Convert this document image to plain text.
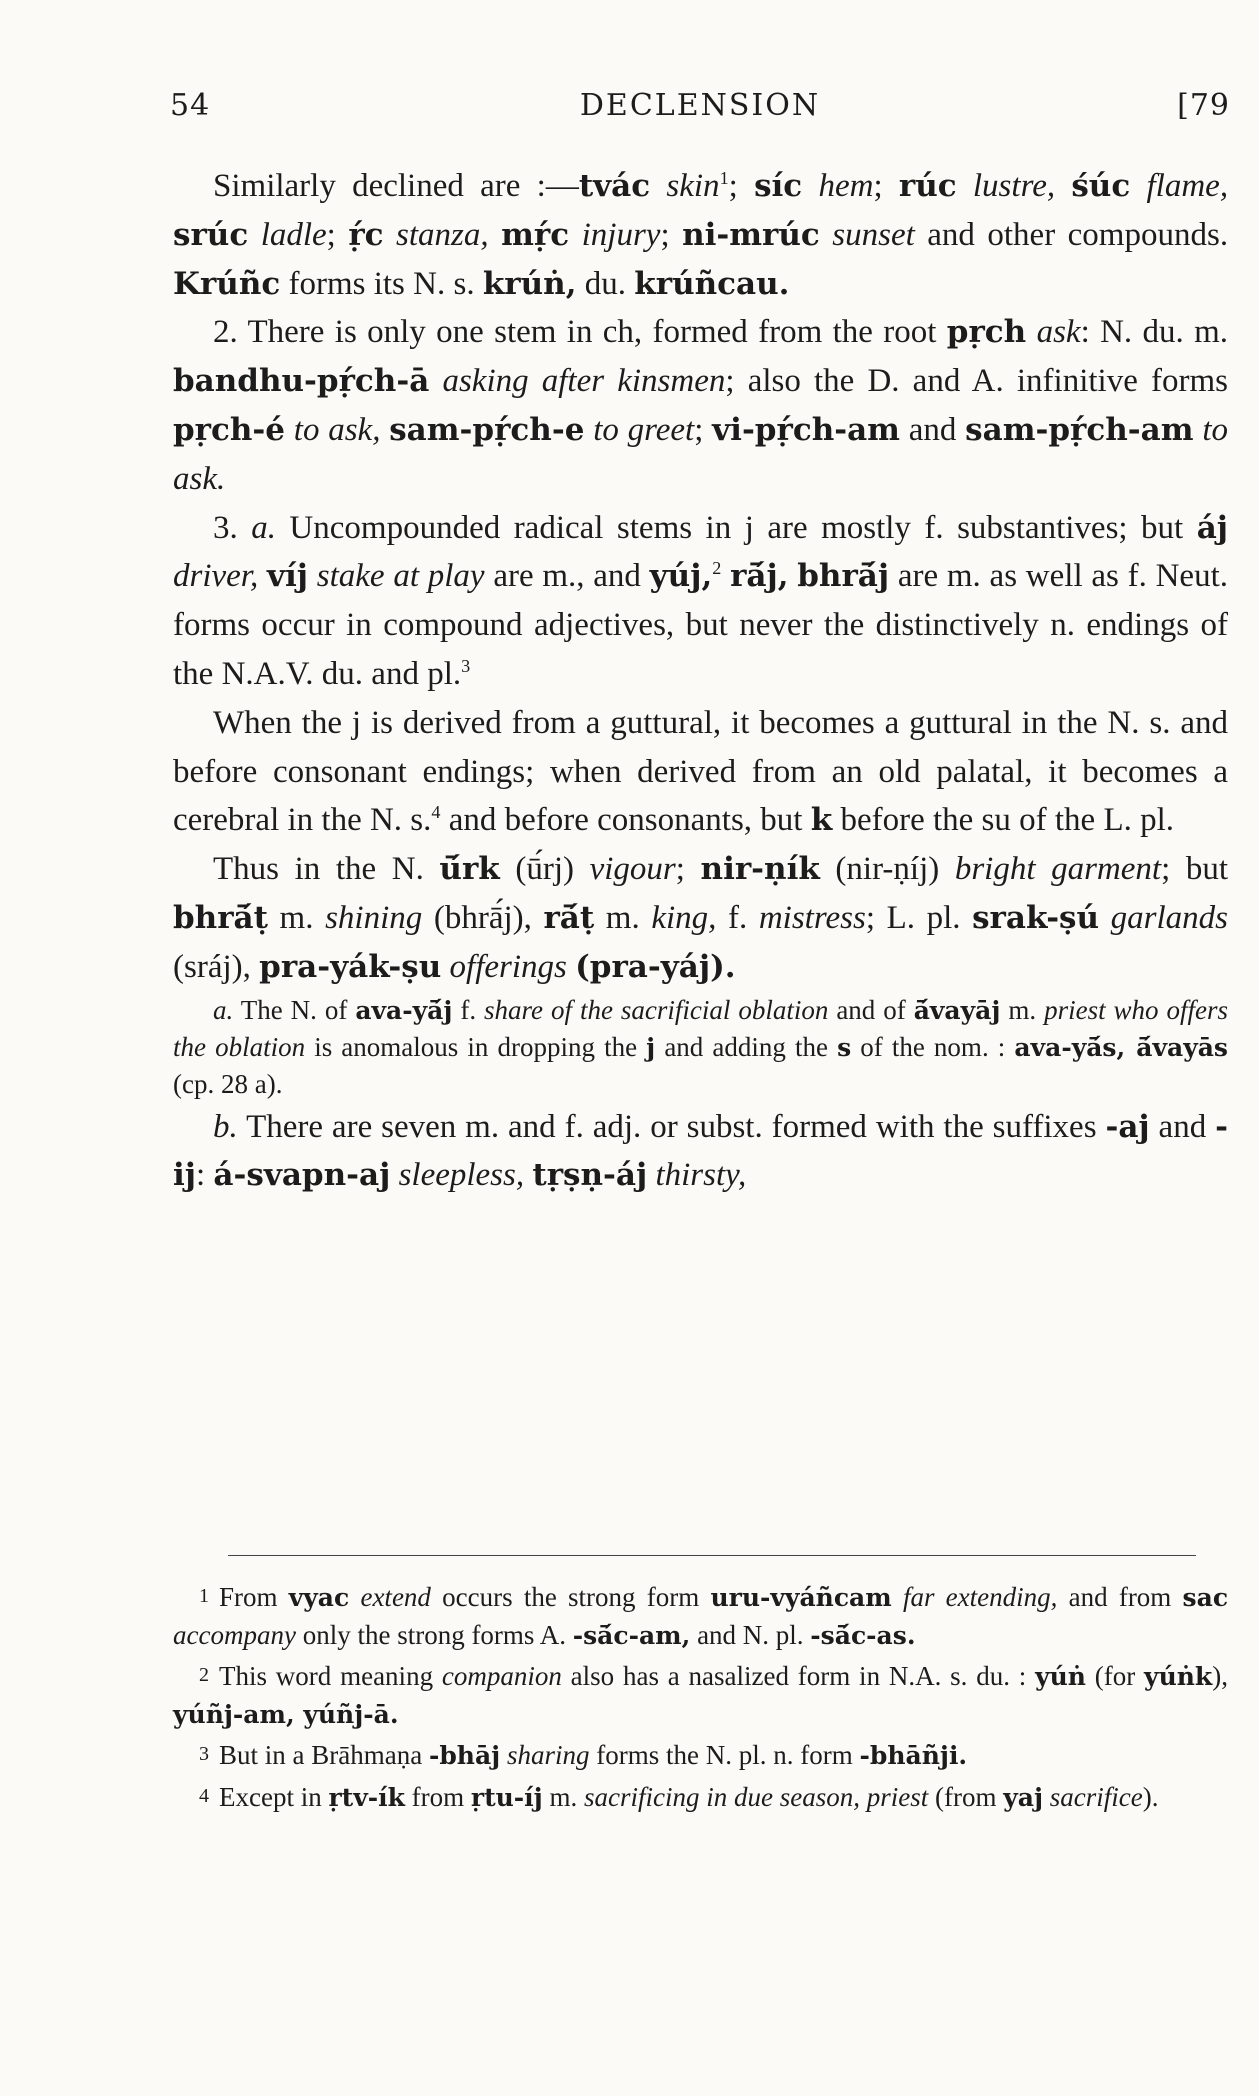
54	DECLENSION	[79

Similarly declined are :—tvác skin$^1$; síc hem; rúc lustre, śúc flame, srúc ladle; ṛ́c stanza, mṛ́c injury; ni-mrúc sunset and other compounds. Krúñc forms its N. s. krúṅ, du. krúñcau.

2. There is only one stem in ch, formed from the root pṛch ask: N. du. m. bandhu-pṛ́ch-ā asking after kinsmen; also the D. and A. infinitive forms pṛch-é to ask, sam-pṛ́ch-e to greet; vi-pṛ́ch-am and sam-pṛ́ch-am to ask.

3. a. Uncompounded radical stems in j are mostly f. substantives; but áj driver, víj stake at play are m., and yúj,$^2$ rā́j, bhrā́j are m. as well as f. Neut. forms occur in compound adjectives, but never the distinctively n. endings of the N.A.V. du. and pl.$^3$

When the j is derived from a guttural, it becomes a guttural in the N. s. and before consonant endings; when derived from an old palatal, it becomes a cerebral in the N. s.$^4$ and before consonants, but k before the su of the L. pl.

Thus in the N. ū́rk (ū́rj) vigour; nir-ṇík (nir-ṇíj) bright garment; but bhrā́ṭ m. shining (bhrā́j), rā́ṭ m. king, f. mistress; L. pl. srak-ṣú garlands (sráj), pra-yák-ṣu offerings (pra-yáj).

a. The N. of ava-yā́j f. share of the sacrificial oblation and of ā́vayāj m. priest who offers the oblation is anomalous in dropping the j and adding the s of the nom. : ava-yā́s, ā́vayās (cp. 28 a).

b. There are seven m. and f. adj. or subst. formed with the suffixes -aj and -ij: á-svapn-aj sleepless, tṛṣṇ-áj thirsty,

1 From vyac extend occurs the strong form uru-vyáñcam far extending, and from sac accompany only the strong forms A. -sā́c-am, and N. pl. -sā́c-as.

2 This word meaning companion also has a nasalized form in N.A. s. du. : yúṅ (for yúṅk), yúñj-am, yúñj-ā.

3 But in a Brāhmaṇa -bhāj sharing forms the N. pl. n. form -bhāñji.

4 Except in ṛtv-ík from ṛtu-íj m. sacrificing in due season, priest (from yaj sacrifice).
